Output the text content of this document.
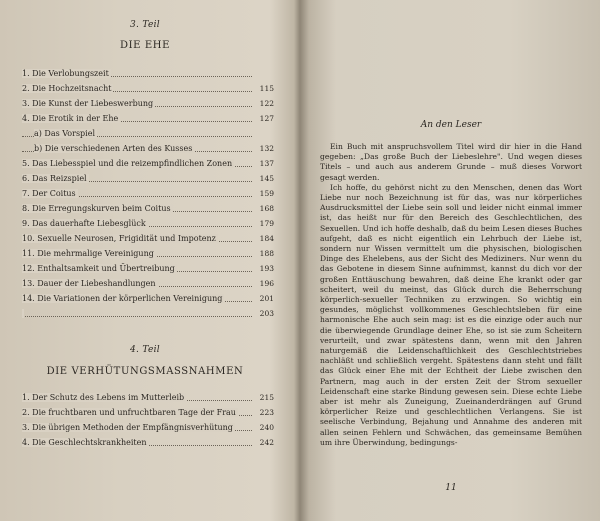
3. Teil
DIE EHE
1. Die Verlobungszeit
2. Die Hochzeitsnacht	115
3. Die Kunst der Liebeswerbung	122
4. Die Erotik in der Ehe	127
a) Das Vorspiel
b) Die verschiedenen Arten des Kusses	132
5. Das Liebesspiel und die reizempfindlichen Zonen	137
6. Das Reizspiel	145
7. Der Coitus	159
8. Die Erregungskurven beim Coitus	168
9. Das dauerhafte Liebesglück	179
10. Sexuelle Neurosen, Frigidität und Impotenz	184
11. Die mehrmalige Vereinigung	188
12. Enthaltsamkeit und Übertreibung	193
13. Dauer der Liebeshandlungen	196
14. Die Variationen der körperlichen Vereinigung	201
203
4. Teil
DIE VERHÜTUNGSMASSNAHMEN
1. Der Schutz des Lebens im Mutterleib	215
2. Die fruchtbaren und unfruchtbaren Tage der Frau	223
3. Die übrigen Methoden der Empfängnisverhütung	240
4. Die Geschlechtskrankheiten	242
An den Leser

Ein Buch mit anspruchsvollem Titel wird dir hier in die Hand gegeben: „Das große Buch der Liebeslehre". Und wegen dieses Titels – und auch aus anderem Grunde – muß dieses Vorwort gesagt werden.

Ich hoffe, du gehörst nicht zu den Menschen, denen das Wort Liebe nur noch Bezeichnung ist für das, was nur körperliches Ausdrucksmittel der Liebe sein soll und leider nicht einmal immer ist, das heißt nur für den Bereich des Geschlechtlichen, des Sexuellen. Und ich hoffe deshalb, daß du beim Lesen dieses Buches aufgeht, daß es nicht eigentlich ein Lehrbuch der Liebe ist, sondern nur Wissen vermittelt um die physischen, biologischen Dinge des Ehelebens, aus der Sicht des Mediziners. Nur wenn du das Gebotene in diesem Sinne aufnimmst, kannst du dich vor der großen Enttäuschung bewahren, daß deine Ehe krankt oder gar scheitert, weil du meinst, das Glück durch die Beherrschung körperlich-sexueller Techniken zu erzwingen. So wichtig ein gesundes, möglichst vollkommenes Geschlechtsleben für eine harmonische Ehe auch sein mag: ist es die einzige oder auch nur die überwiegende Grundlage deiner Ehe, so ist sie zum Scheitern verurteilt, und zwar spätestens dann, wenn mit den Jahren naturgemäß die Leidenschaftlichkeit des Geschlechtstriebes nachläßt und schließlich vergeht. Spätestens dann steht und fällt das Glück einer Ehe mit der Echtheit der Liebe zwischen den Partnern, mag auch in der ersten Zeit der Strom sexueller Leidenschaft eine starke Bindung gewesen sein. Diese echte Liebe aber ist mehr als Zuneigung, Zueinanderdrängen auf Grund körperlicher Reize und geschlechtlichen Verlangens. Sie ist seelische Verbindung, Bejahung und Annahme des anderen mit allen seinen Fehlern und Schwächen, das gemeinsame Bemühen um ihre Überwindung, bedingungs-

11
